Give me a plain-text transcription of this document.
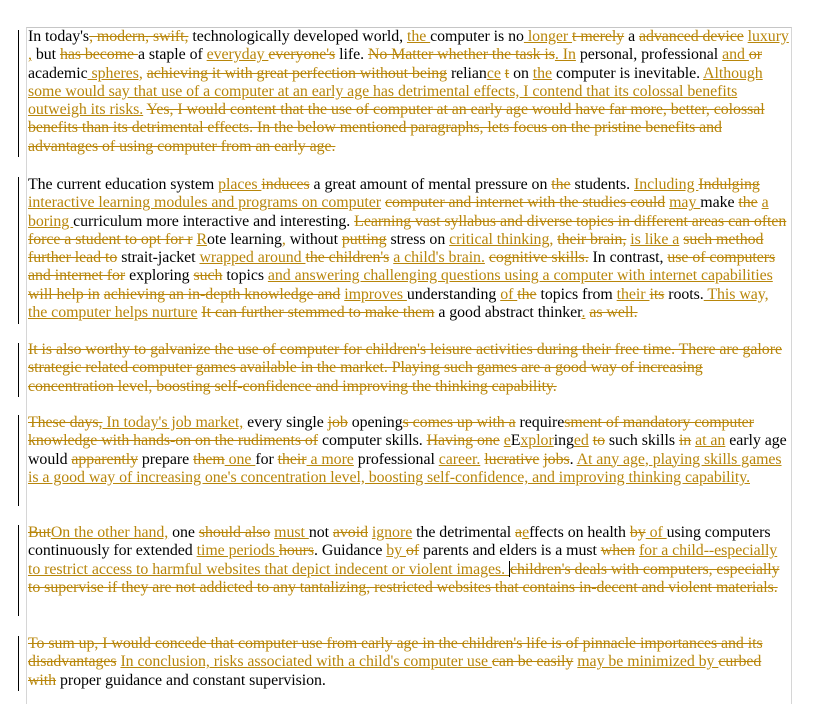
In today's, modern, swift, technologically developed world, the computer is no longer t merely a advanced device luxury , but has become a staple of everyday everyone's life. No Matter whether the task is. In personal, professional and or academic spheres, achieving it with great perfection without being reliance t on the computer is inevitable. Although some would say that use of a computer at an early age has detrimental effects, I contend that its colossal benefits outweigh its risks. Yes, I would content that the use of computer at an early age would have far more, better, colossal benefits than its detrimental effects. In the below mentioned paragraphs, lets focus on the pristine benefits and advantages of using computer from an early age.
The current education system places induces a great amount of mental pressure on the students. Including Indulging interactive learning modules and programs on computer computer and internet with the studies could may make the a boring curriculum more interactive and interesting. Learning vast syllabus and diverse topics in different areas can often force a student to opt for r Rote learning, without putting stress on critical thinking, their brain, is like a such method further lead to strait-jacket wrapped around the children's a child's brain. cognitive skills. In contrast, use of computers and internet for exploring such topics and answering challenging questions using a computer with internet capabilities will help in achieving an in-depth knowledge and improves understanding of the topics from their its roots. This way, the computer helps nurture It can further stemmed to make them a good abstract thinker. as well.
It is also worthy to galvanize the use of computer for children's leisure activities during their free time. There are galore strategic related computer games available in the market. Playing such games are a good way of increasing concentration level, boosting self-confidence and improving the thinking capability.
These days, In today's job market, every single job openings comes up with a requiresment of mandatory computer knowledge with hands-on on the rudiments of computer skills. Having one eExploringed to such skills in at an early age would apparently prepare them one for their a more professional career. lucrative jobs. At any age, playing skills games is a good way of increasing one's concentration level, boosting self-confidence, and improving thinking capability.
ButOn the other hand, one should also must not avoid ignore the detrimental aeffects on health by of using computers continuously for extended time periods hours. Guidance by of parents and elders is a must when for a child--especially to restrict access to harmful websites that depict indecent or violent images. children's deals with computers, especially to supervise if they are not addicted to any tantalizing, restricted websites that contains in-decent and violent materials.
To sum up, I would concede that computer use from early age in the children's life is of pinnacle importances and its disadvantages In conclusion, risks associated with a child's computer use can be easily may be minimized by curbed with proper guidance and constant supervision.
